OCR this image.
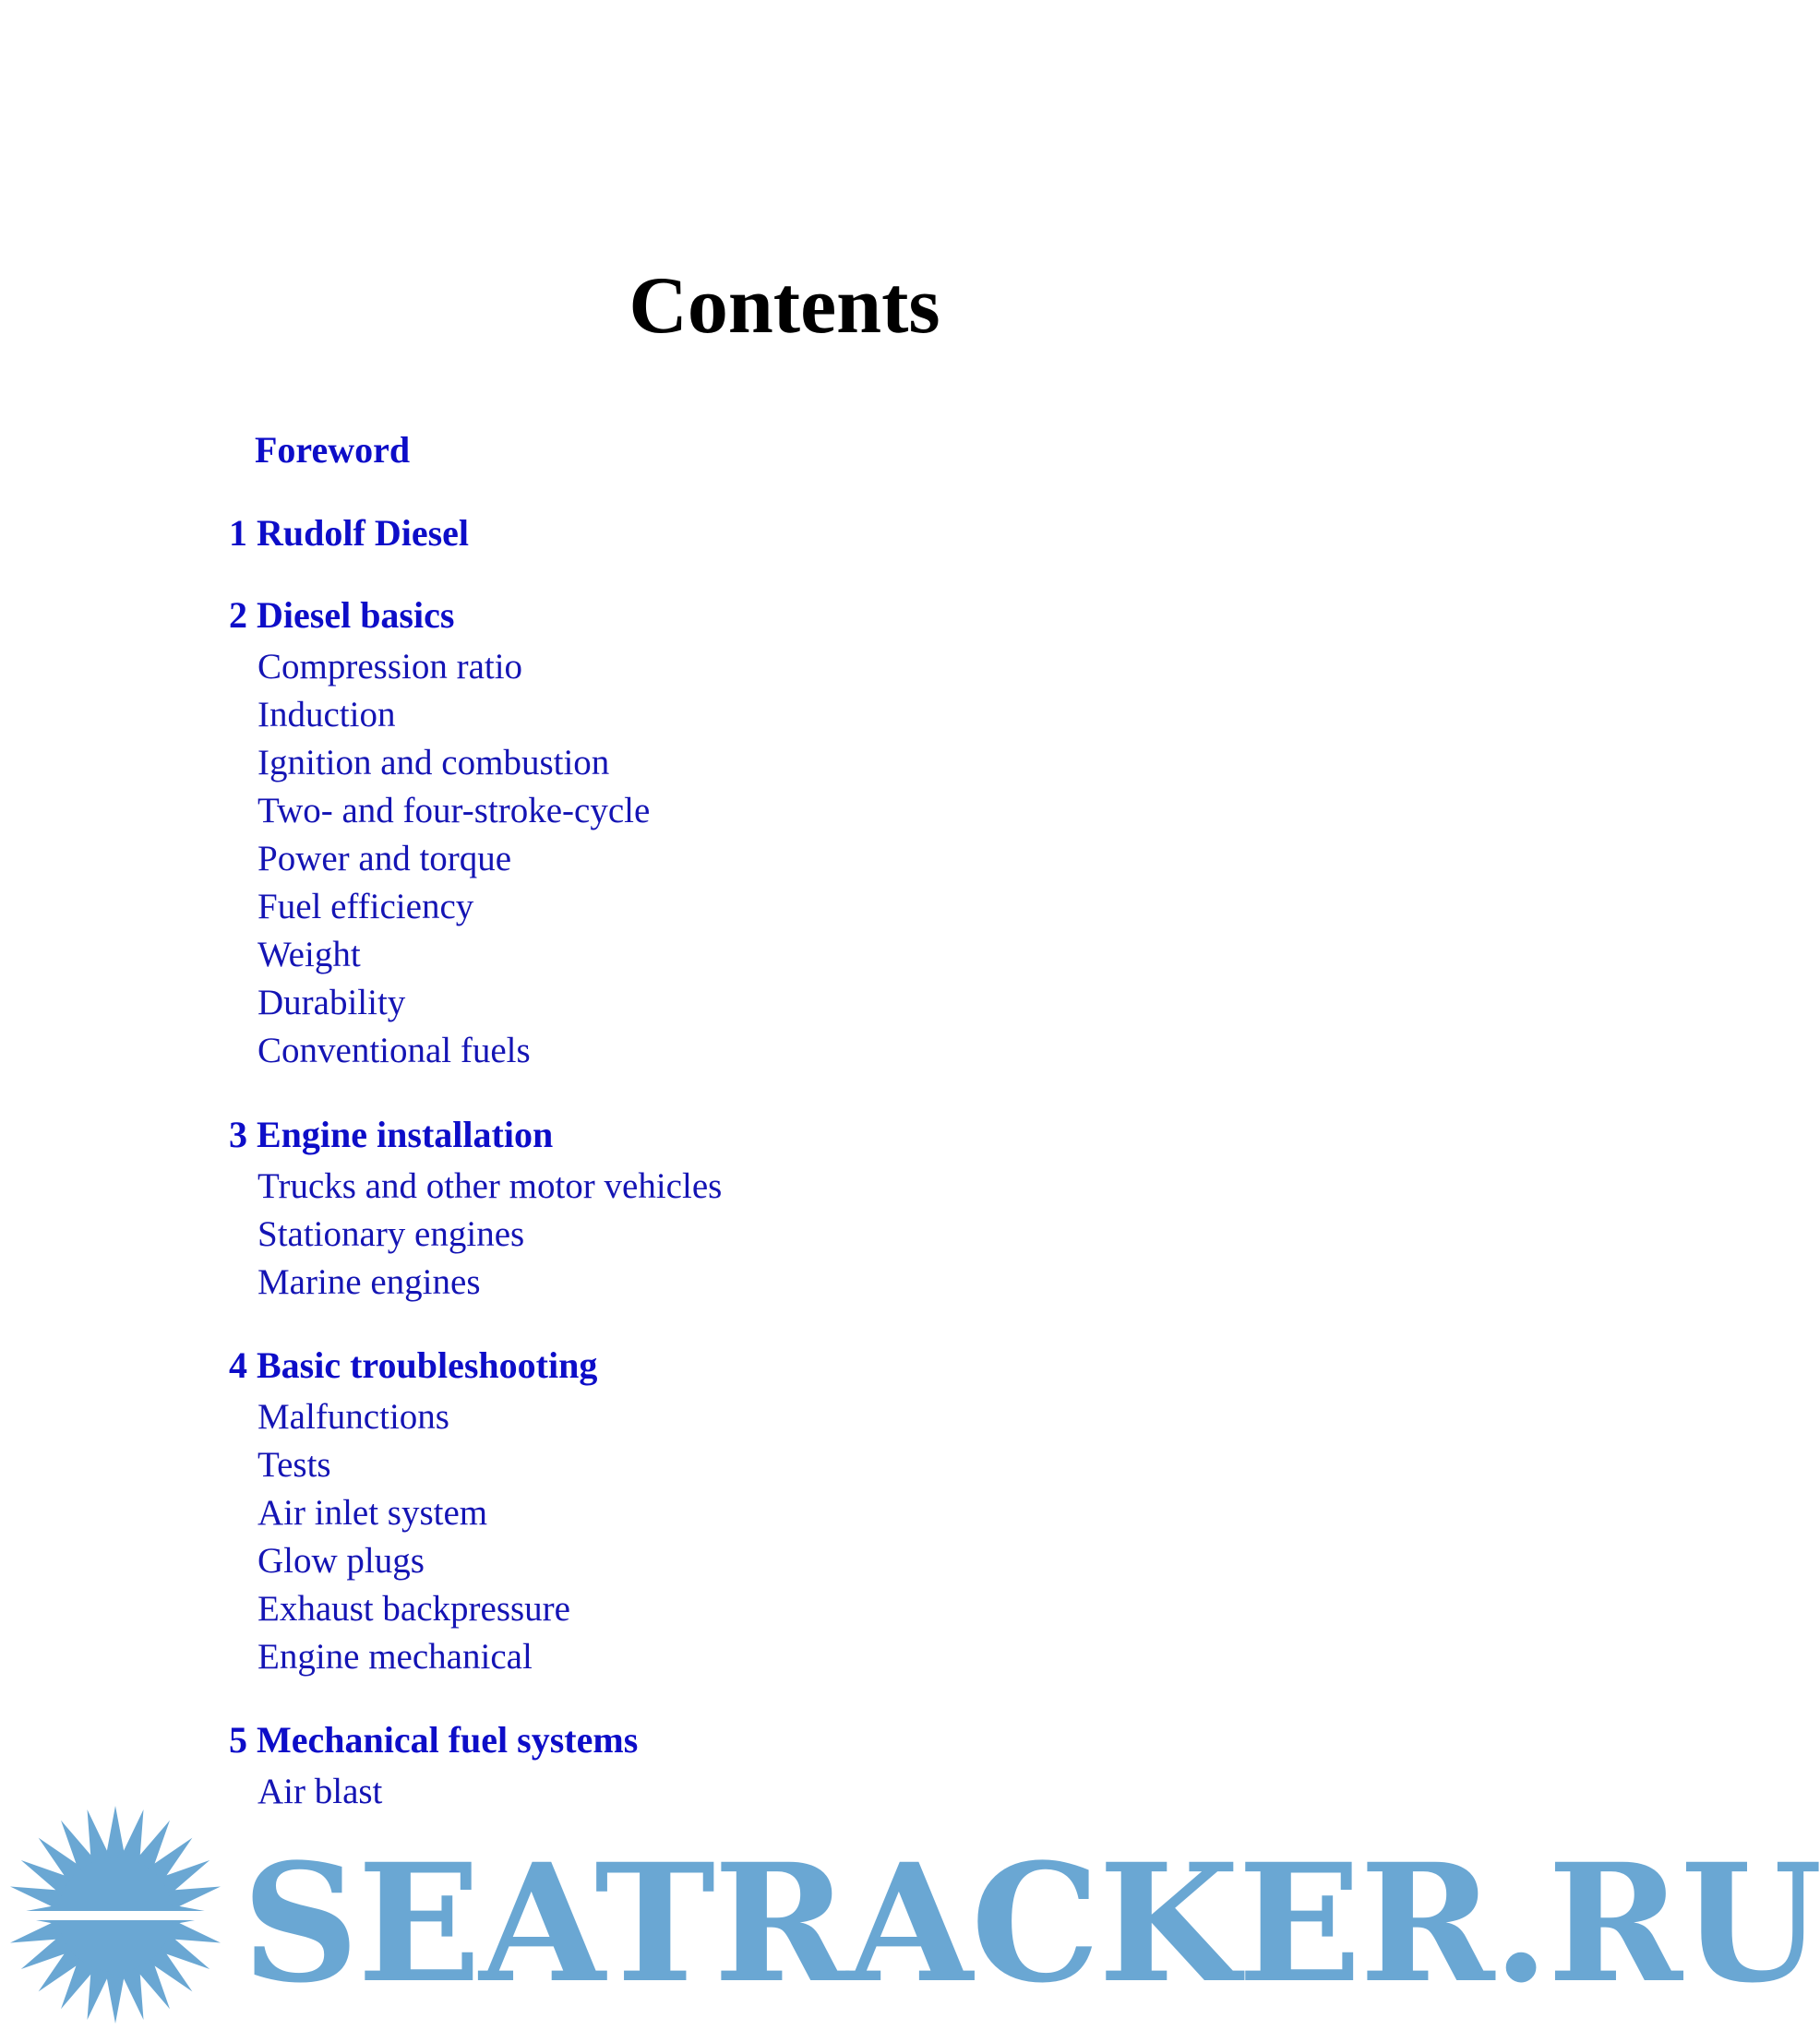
Contents
Foreword
1 Rudolf Diesel
2 Diesel basics
Compression ratio
Induction
Ignition and combustion
Two- and four-stroke-cycle
Power and torque
Fuel efficiency
Weight
Durability
Conventional fuels
3 Engine installation
Trucks and other motor vehicles
Stationary engines
Marine engines
4 Basic troubleshooting
Malfunctions
Tests
Air inlet system
Glow plugs
Exhaust backpressure
Engine mechanical
5 Mechanical fuel systems
Air blast
SEATRACKER.RU
